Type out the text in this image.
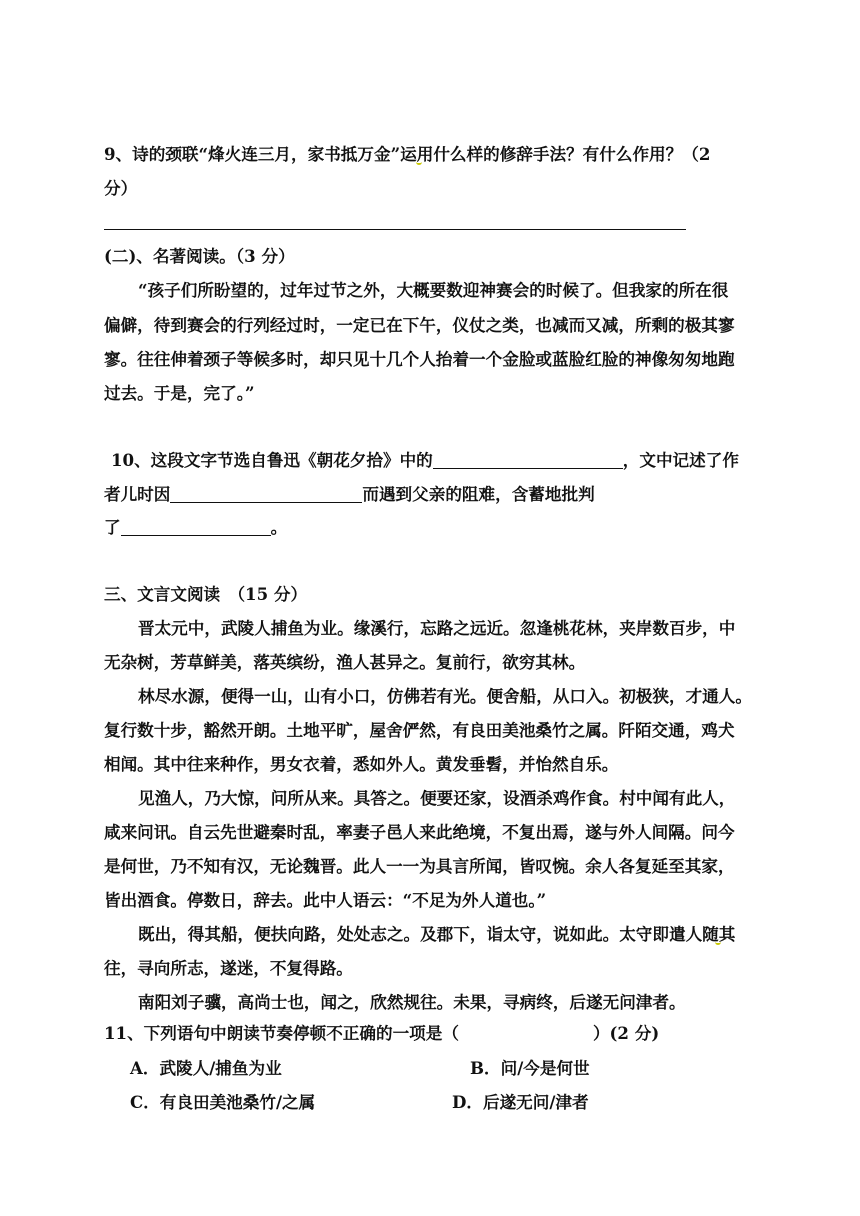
9、诗的颈联“烽火连三月，家书抵万金”运用什么样的修辞手法？有什么作用？（2
分）
(二)、名著阅读。（3 分）
“孩子们所盼望的，过年过节之外，大概要数迎神赛会的时候了。但我家的所在很
偏僻，待到赛会的行列经过时，一定已在下午，仪仗之类，也减而又减，所剩的极其寥
寥。往往伸着颈子等候多时，却只见十几个人抬着一个金脸或蓝脸红脸的神像匆匆地跑
过去。于是，完了。”
10、这段文字节选自鲁迅《朝花夕拾》中的	，文中记述了作
者儿时因	而遇到父亲的阻难，含蓄地批判
了	。
三、文言文阅读　（15 分）
晋太元中，武陵人捕鱼为业。缘溪行，忘路之远近。忽逢桃花林，夹岸数百步，中
无杂树，芳草鲜美，落英缤纷，渔人甚异之。复前行，欲穷其林。
林尽水源，便得一山，山有小口，仿佛若有光。便舍船，从口入。初极狭，才通人。
复行数十步，豁然开朗。土地平旷，屋舍俨然，有良田美池桑竹之属。阡陌交通，鸡犬
相闻。其中往来种作，男女衣着，悉如外人。黄发垂髫，并怡然自乐。
见渔人，乃大惊，问所从来。具答之。便要还家，设酒杀鸡作食。村中闻有此人，
咸来问讯。自云先世避秦时乱，率妻子邑人来此绝境，不复出焉，遂与外人间隔。问今
是何世，乃不知有汉，无论魏晋。此人一一为具言所闻，皆叹惋。余人各复延至其家，
皆出酒食。停数日，辞去。此中人语云：“不足为外人道也。”
既出，得其船，便扶向路，处处志之。及郡下，诣太守，说如此。太守即遣人随其
往，寻向所志，遂迷，不复得路。
南阳刘子骥，高尚士也，闻之，欣然规往。未果，寻病终，后遂无问津者。
11、下列语句中朗读节奏停顿不正确的一项是（	）(2 分)
A．武陵人/捕鱼为业	B．问/今是何世
C．有良田美池桑竹/之属	D．后遂无问/津者
